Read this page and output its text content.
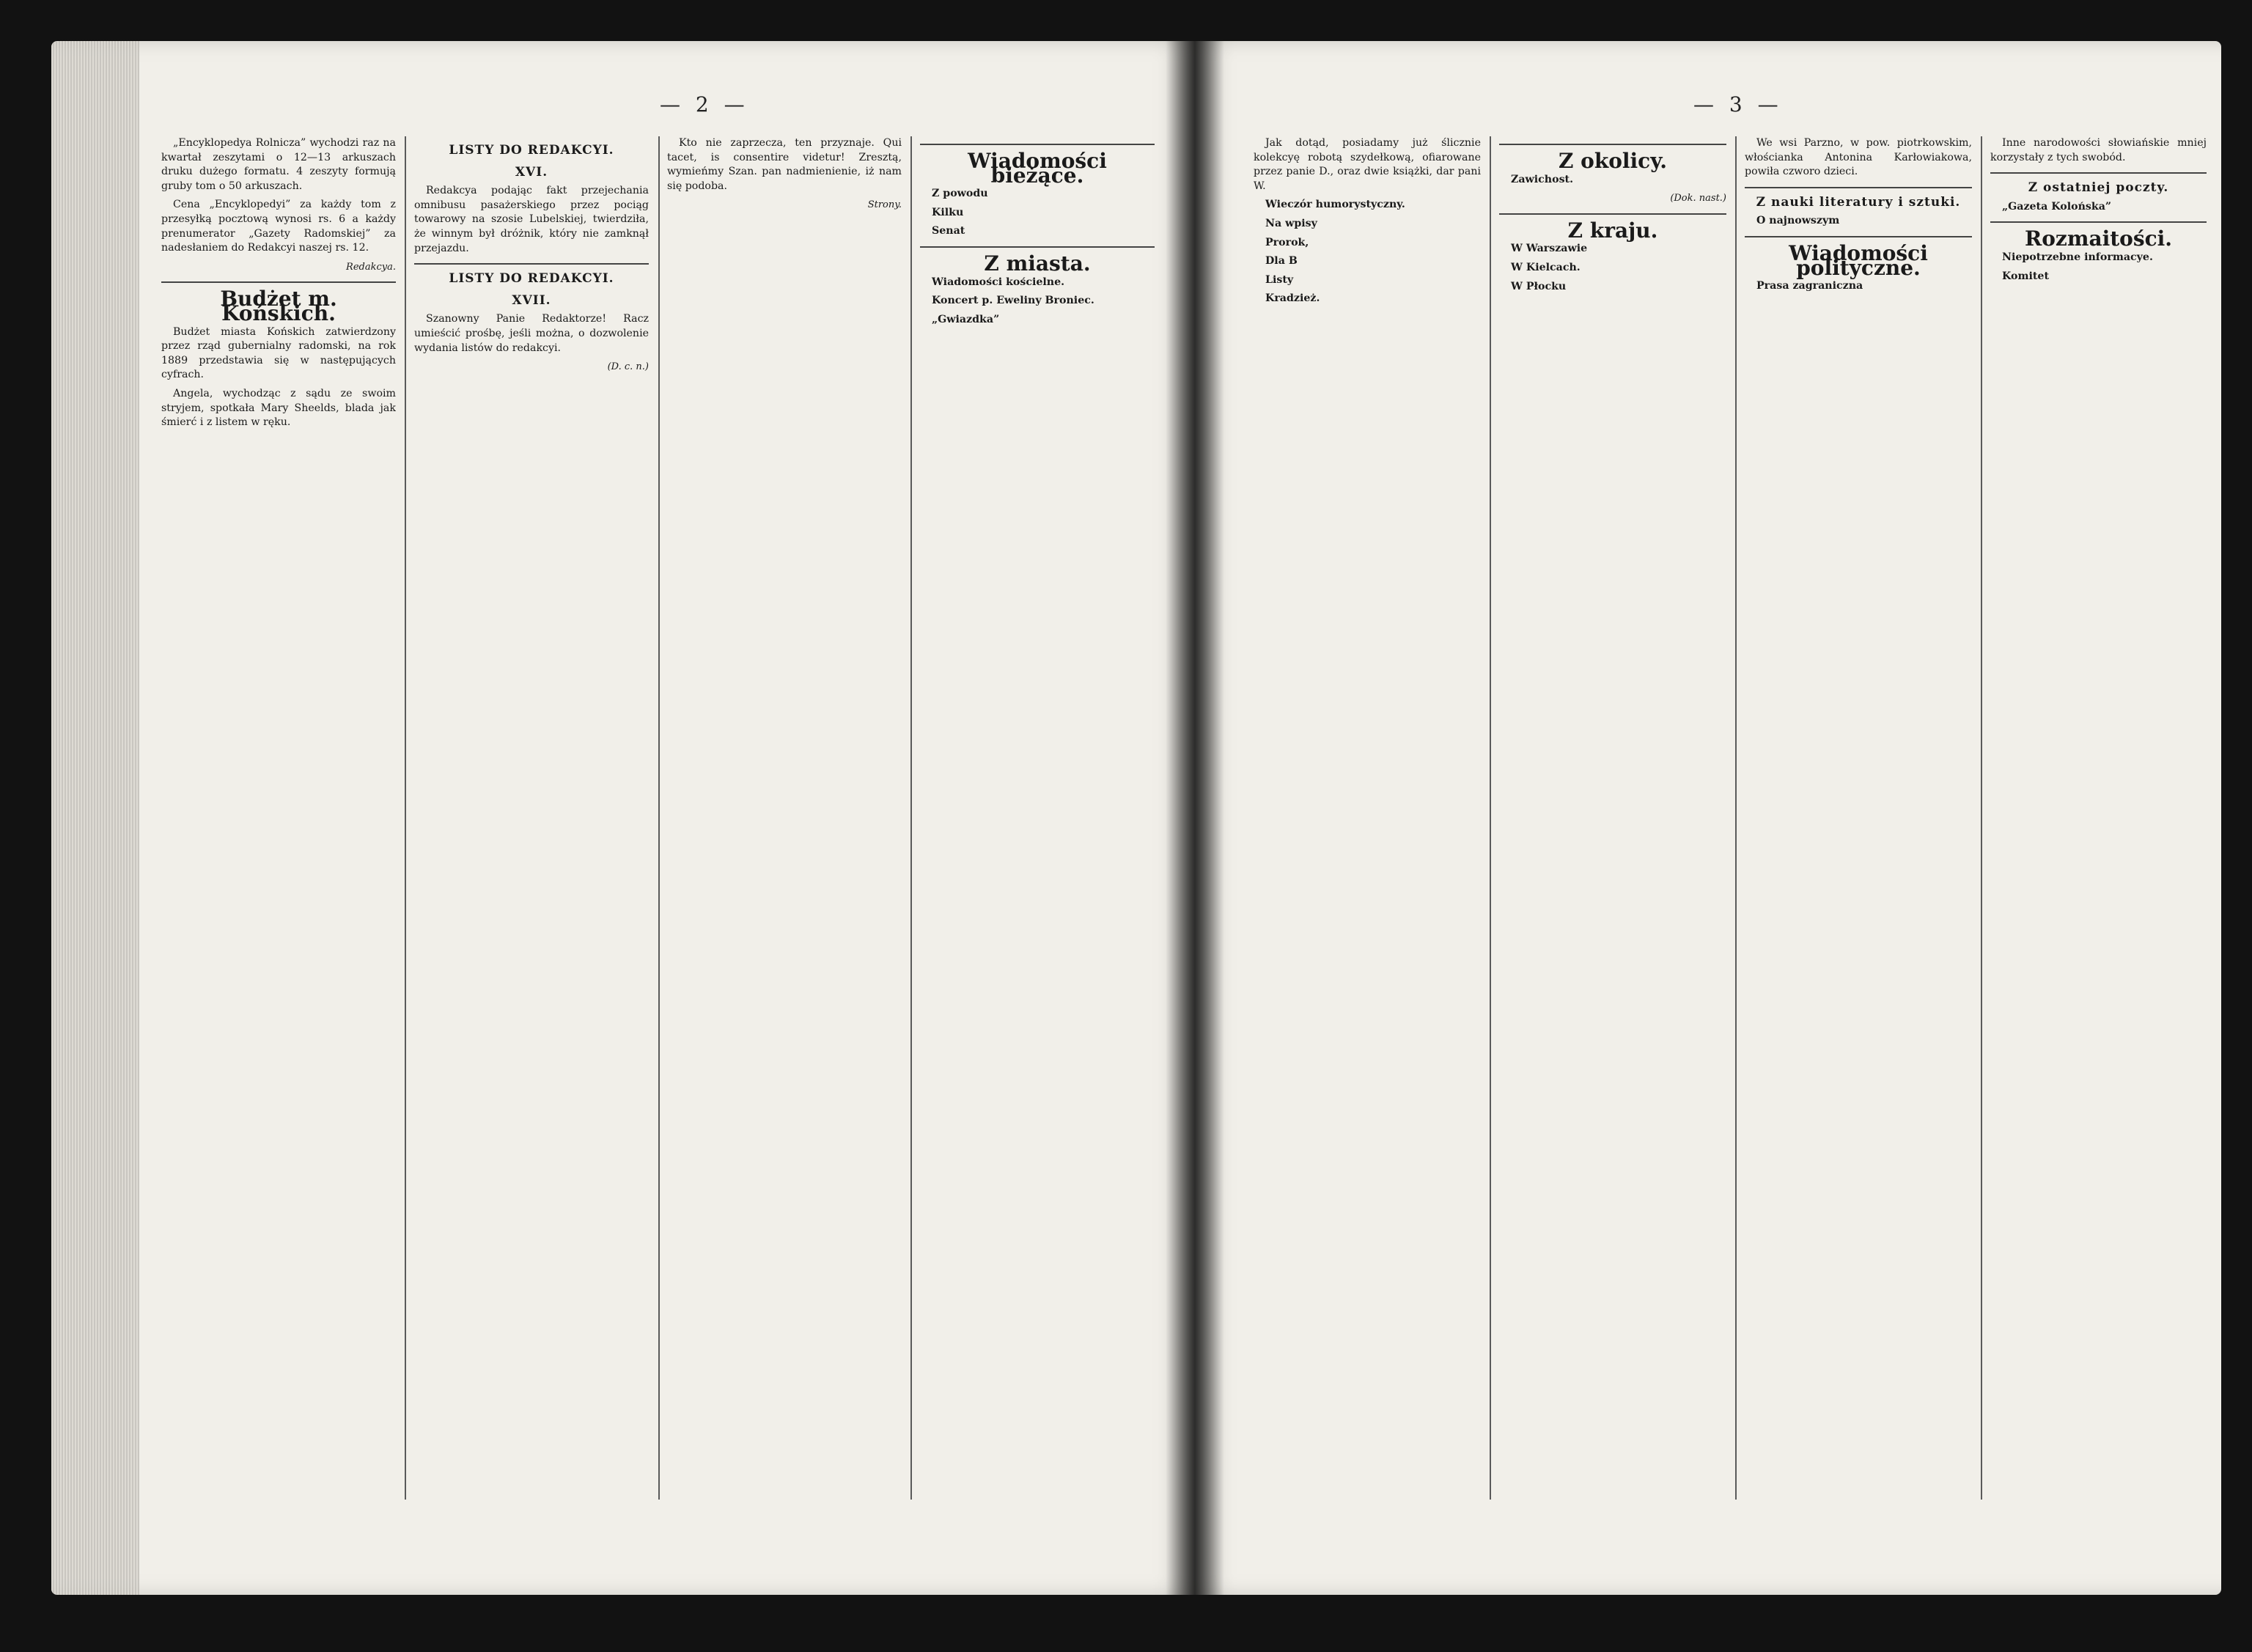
— 2 —

„Encyklopedya Rolnicza” wychodzi raz na kwartał zeszytami o 12—13 arkuszach druku dużego formatu. 4 zeszyty formują gruby tom o 50 arkuszach.

Cena „Encyklopedyi” za każdy tom z przesyłką pocztową wynosi rs. 6 a każdy prenumerator „Gazety Radomskiej” za nadesłaniem do Redakcyi naszej rs. 12.

Redakcya.
Budżet m. Końskich.

Budżet miasta Końskich zatwierdzony przez rząd gubernialny radomski, na rok 1889 przedstawia się w następujących cyfrach.

Angela, wychodząc z sądu ze swoim stryjem, spotkała Mary Sheelds, blada jak śmierć i z listem w ręku.

LISTY DO REDAKCYI.
XVI.

Redakcya podając fakt przejechania omnibusu pasażerskiego przez pociąg towarowy na szosie Lubelskiej, twierdziła, że winnym był dróżnik, który nie zamknął przejazdu.

LISTY DO REDAKCYI.
XVII.

Szanowny Panie Redaktorze! Racz umieścić prośbę, jeśli można, o dozwolenie wydania listów do redakcyi.

(D. c. n.)

Kto nie zaprzecza, ten przyznaje. Qui tacet, is consentire videtur! Zresztą, wymieńmy Szan. pan nadmienienie, iż nam się podoba.

Strony.
Wiadomości bieżące.

Z powodu

Kilku

Senat

Z miasta.

Wiadomości kościelne.

Koncert p. Eweliny Broniec.

„Gwiazdka”

— 3 —

Jak dotąd, posiadamy już ślicznie kolekcyę robotą szydełkową, ofiarowane przez panie D., oraz dwie książki, dar pani W.

Wieczór humorystyczny.

Na wpisy

Prorok,

Dla B

Listy

Kradzież.

Z okolicy.

Zawichost.

(Dok. nast.)
Z kraju.

W Warszawie

W Kielcach.

W Płocku

We wsi Parzno, w pow. piotrkowskim, włościanka Antonina Karłowiakowa, powiła czworo dzieci.

Z nauki literatury i sztuki.

O najnowszym

Wiadomości polityczne.

Prasa zagraniczna

Inne narodowości słowiańskie mniej korzystały z tych swobód.

Z ostatniej poczty.

„Gazeta Kolońska”

Rozmaitości.

Niepotrzebne informacye.

Komitet
